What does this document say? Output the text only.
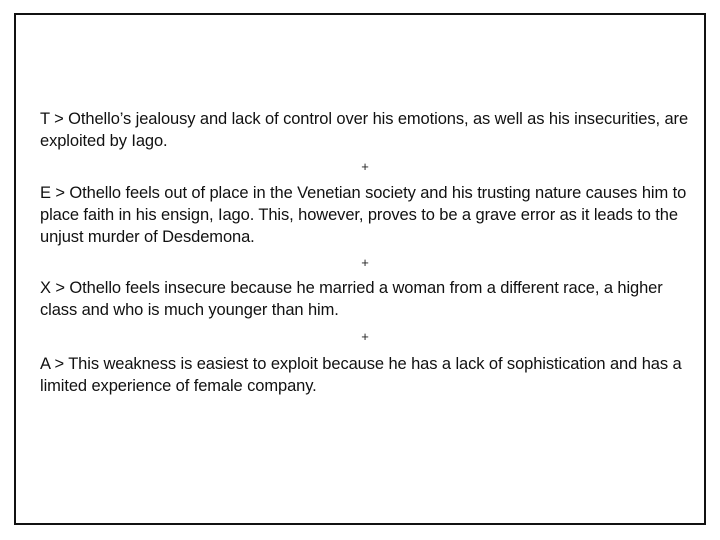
T > Othello’s jealousy and lack of control over his emotions, as well as his insecurities, are exploited by Iago.

+

E > Othello feels out of place in the Venetian society and his trusting nature causes him to place faith in his ensign, Iago. This, however, proves to be a grave error as it leads to the unjust murder of Desdemona.

+

X > Othello feels insecure because he married a woman from a different race, a higher class and who is much younger than him.

+

A > This weakness is easiest to exploit because he has a lack of sophistication and has a limited experience of female company.
